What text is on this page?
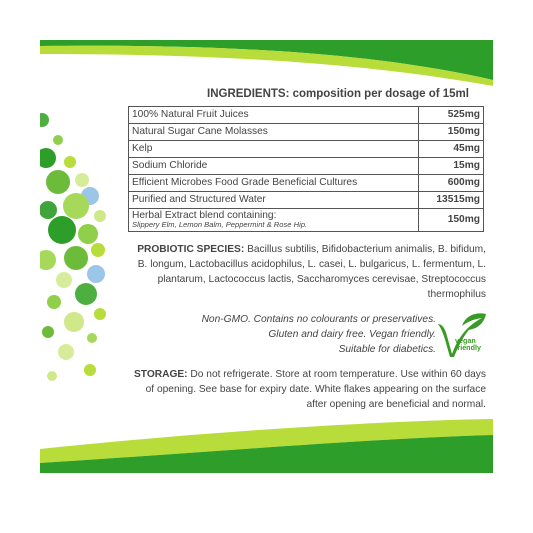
INGREDIENTS: composition per dosage of 15ml
100% Natural Fruit Juices	525mg
Natural Sugar Cane Molasses	150mg
Kelp	45mg
Sodium Chloride	15mg
Efficient Microbes Food Grade Beneficial Cultures	600mg
Purified and Structured Water	13515mg
Herbal Extract blend containing:
Slippery Elm, Lemon Balm, Peppermint & Rose Hip.	150mg
PROBIOTIC SPECIES: Bacillus subtilis, Bifidobacterium animalis, B. bifidum, B. longum, Lactobacillus acidophilus, L. casei, L. bulgaricus, L. fermentum, L. plantarum, Lactococcus lactis, Saccharomyces cerevisae, Streptococcus thermophilus
Non-GMO. Contains no colourants or preservatives.
Gluten and dairy free. Vegan friendly.
Suitable for diabetics.
vegan
friendly
STORAGE: Do not refrigerate. Store at room temperature. Use within 60 days of opening. See base for expiry date. White flakes appearing on the surface after opening are beneficial and normal.
